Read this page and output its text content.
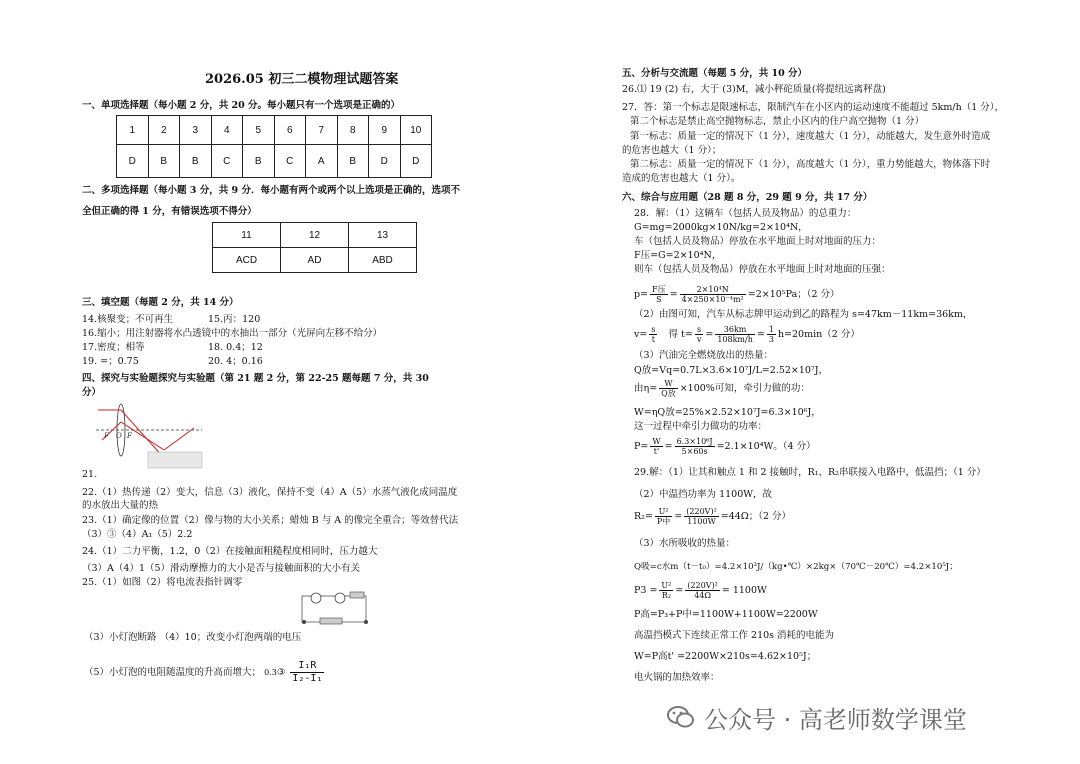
2026.05 初三二模物理试题答案
一、单项选择题（每小题 2 分，共 20 分。每小题只有一个选项是正确的）
1	2	3	4	5	6	7	8	9	10
D	B	B	C	B	C	A	B	D	D
二、多项选择题（每小题 3 分，共 9 分．每小题有两个或两个以上选项是正确的，选项不
全但正确的得 1 分，有错误选项不得分）
11	12	13
ACD	AD	ABD
三、填空题（每题 2 分，共 14 分）
14.核聚变；不可再生	15.丙：120
16.缩小；用注射器将水凸透镜中的水抽出一部分（光屏向左移不给分）
17.密度；相等	18. 0.4；12
19. =；0.75	20. 4；0.16
四、探究与实验题探究与实验题（第 21 题 2 分，第 22-25 题每题 7 分，共 30
分）
F O F
21.
22.（1）热传递（2）变大，信息（3）液化，保持不变（4）A（5）水蒸气液化成同温度
的水放出大量的热
23.（1）确定像的位置（2）像与物的大小关系；蜡烛 B 与 A 的像完全重合；等效替代法
（3）③（4）A₁（5）2.2
24.（1）二力平衡，1.2，0（2）在接触面粗糙程度相同时，压力越大
（3）A（4）1（5）滑动摩擦力的大小是否与接触面积的大小有关
25.（1）如图（2）将电流表指针调零
（3）小灯泡断路 （4）10；改变小灯泡两端的电压
（5）小灯泡的电阻随温度的升高而增大； 0.3③ $\frac{\text{I₁R}}{\text{I₂-I₁}}$
五、分析与交流题（每题 5 分，共 10 分）
26.⑴ 19 (2) 右，大于 (3)M，减小秤砣质量(将提纽远离秤盘)
27．答：第一个标志是限速标志，限制汽车在小区内的运动速度不能超过 5km/h（1 分），
第二个标志是禁止高空抛物标志，禁止小区内的住户高空抛物（1 分）
第一标志：质量一定的情况下（1 分），速度越大（1 分），动能越大，发生意外时造成
的危害也越大（1 分）；
第二标志：质量一定的情况下（1 分），高度越大（1 分），重力势能越大，物体落下时
造成的危害也越大（1 分）。
六、综合与应用题（28 题 8 分，29 题 9 分，共 17 分）
28．解：（1）这辆车（包括人员及物品）的总重力：
G=mg=2000kg×10N/kg=2×10⁴N，
车（包括人员及物品）停放在水平地面上时对地面的压力：
F压=G=2×10⁴N，
则车（包括人员及物品）停放在水平地面上时对地面的压强：
$p= \frac{\text{F压}}{S} = \frac{\text{2×10⁴N}}{\text{4×250×10⁻⁴m²}} =2\times 10^5Pa$；（2 分）
（2）由图可知，汽车从标志牌甲运动到乙的路程为 s=47km－11km=36km，
$v= \frac{s}{t}$ 得 $t= \frac{s}{v} = \frac{36km}{108km/h} = \frac{1}{3} h=20\min(2$ 分）
（3）汽油完全燃烧放出的热量：
Q放=Vq=0.7L×3.6×10⁷J/L=2.52×10⁷J，
由$\eta= \frac{W}{\text{Q放}} \times 100\%$可知，牵引力做的功：
W=ηQ放=25%×2.52×10⁷J=6.3×10⁶J，
这一过程中牵引力做功的功率：
$P= \frac{W}{t'} = \frac{\text{6.3×10⁶J}}{5\times 60s} =2.1\times 10^4W$。（4 分）
29.解：（1）让其和触点 1 和 2 接触时，R₁、R₂串联接入电路中，低温挡；（1 分）
（2）中温挡功率为 1100W，故
$R_2= \frac{\text{U²}}{\text{P中}} = \frac{\text{(220V)²}}{1100W} =44\Omega$；（2 分）
（3）水所吸收的热量：
Q吸=c水m（t－t₀）=4.2×10³J/（kg•℃）×2kg×（70℃－20℃）=4.2×10⁵J；
$P3 = \frac{\text{U²}}{\text{R₂}} = \frac{\text{(220V)²}}{44\Omega} = 1100W$
P高=P₃+P中=1100W+1100W=2200W
高温挡模式下连续正常工作 210s 消耗的电能为
W=P高t' =2200W×210s=4.62×10⁵J；
电火锅的加热效率：
公众号 · 高老师数学课堂
